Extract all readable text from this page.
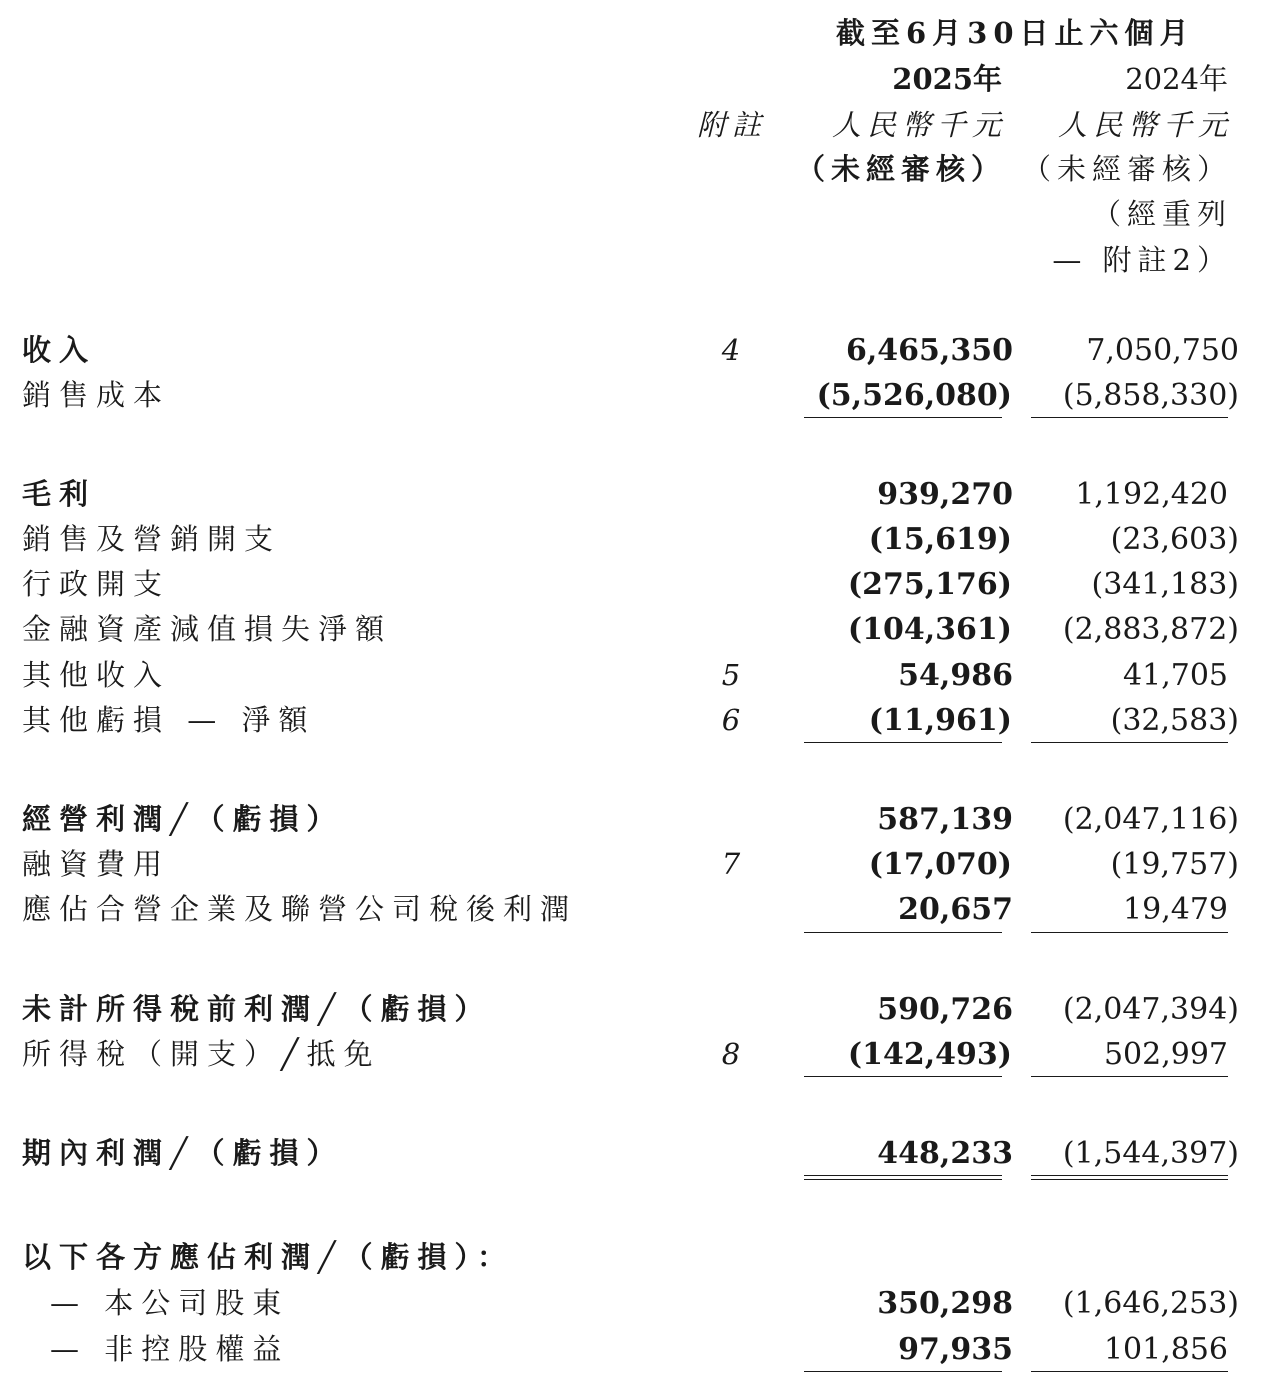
截至6月30日止六個月
2025年	2024年
附註 人民幣千元 人民幣千元
（未經審核） （未經審核）
（經重列
— 附註2）
收入	4	6,465,350 7,050,750
銷售成本	(5,526,080) (5,858,330)
毛利	939,270 1,192,420
銷售及營銷開支	(15,619)	(23,603)
行政開支	(275,176)	(341,183)
金融資產減值損失淨額	(104,361) (2,883,872)
其他收入	5	54,986	41,705
其他虧損 — 淨額	6	(11,961)	(32,583)
經營利潤╱（虧損）	587,139 (2,047,116)
融資費用	7	(17,070)	(19,757)
應佔合營企業及聯營公司稅後利潤	20,657	19,479
未計所得稅前利潤╱（虧損）	590,726 (2,047,394)
所得稅（開支）╱抵免	8	(142,493)	502,997
期內利潤╱（虧損）	448,233 (1,544,397)
以下各方應佔利潤╱（虧損）：
— 本公司股東	350,298 (1,646,253)
— 非控股權益	97,935	101,856
